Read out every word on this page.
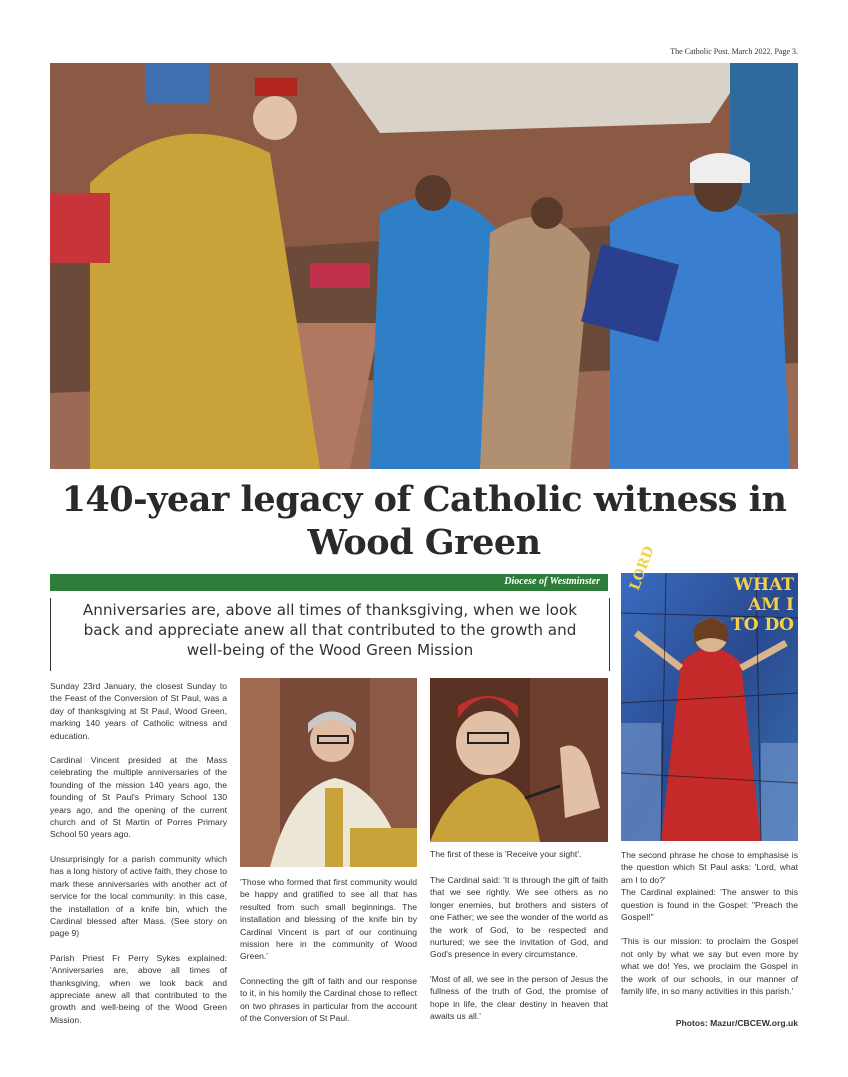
The Catholic Post. March 2022. Page 3.
140-year legacy of Catholic witness in Wood Green
Diocese of Westminster

Anniversaries are, above all times of thanksgiving, when we look back and appreciate anew all that contributed to the growth and well-being of the Wood Green Mission

WHAT
AM I
TO DO
LORD

Sunday 23rd January, the closest Sunday to the Feast of the Conversion of St Paul, was a day of thanksgiving at St Paul, Wood Green, marking 140 years of Catholic witness and education.

Cardinal Vincent presided at the Mass celebrating the multiple anniversaries of the founding of the mission 140 years ago, the founding of St Paul's Primary School 130 years ago, and the opening of the current church and of St Martin of Porres Primary School 50 years ago.

Unsurprisingly for a parish community which has a long history of active faith, they chose to mark these anniversaries with another act of service for the local community: in this case, the installation of a knife bin, which the Cardinal blessed after Mass. (See story on page 9)

Parish Priest Fr Perry Sykes explained: 'Anniversaries are, above all times of thanksgiving, when we look back and appreciate anew all that contributed to the growth and well-being of the Wood Green Mission.

'Those who formed that first community would be happy and gratified to see all that has resulted from such small beginnings. The installation and blessing of the knife bin by Cardinal Vincent is part of our continuing mission here in the community of Wood Green.'

Connecting the gift of faith and our response to it, in his homily the Cardinal chose to reflect on two phrases in particular from the account of the Conversion of St Paul.

The first of these is 'Receive your sight'.

The Cardinal said: 'It is through the gift of faith that we see rightly. We see others as no longer enemies, but brothers and sisters of one Father; we see the wonder of the world as the work of God, to be respected and nurtured; we see the invitation of God, and God's presence in every circumstance.

'Most of all, we see in the person of Jesus the fullness of the truth of God, the promise of hope in life, the clear destiny in heaven that awaits us all.'

The second phrase he chose to emphasise is the question which St Paul asks: 'Lord, what am I to do?'
The Cardinal explained: 'The answer to this question is found in the Gospel: "Preach the Gospel!"

'This is our mission: to proclaim the Gospel not only by what we say but even more by what we do! Yes, we proclaim the Gospel in the work of our schools, in our manner of family life, in so many activities in this parish.'

Photos: Mazur/CBCEW.org.uk
